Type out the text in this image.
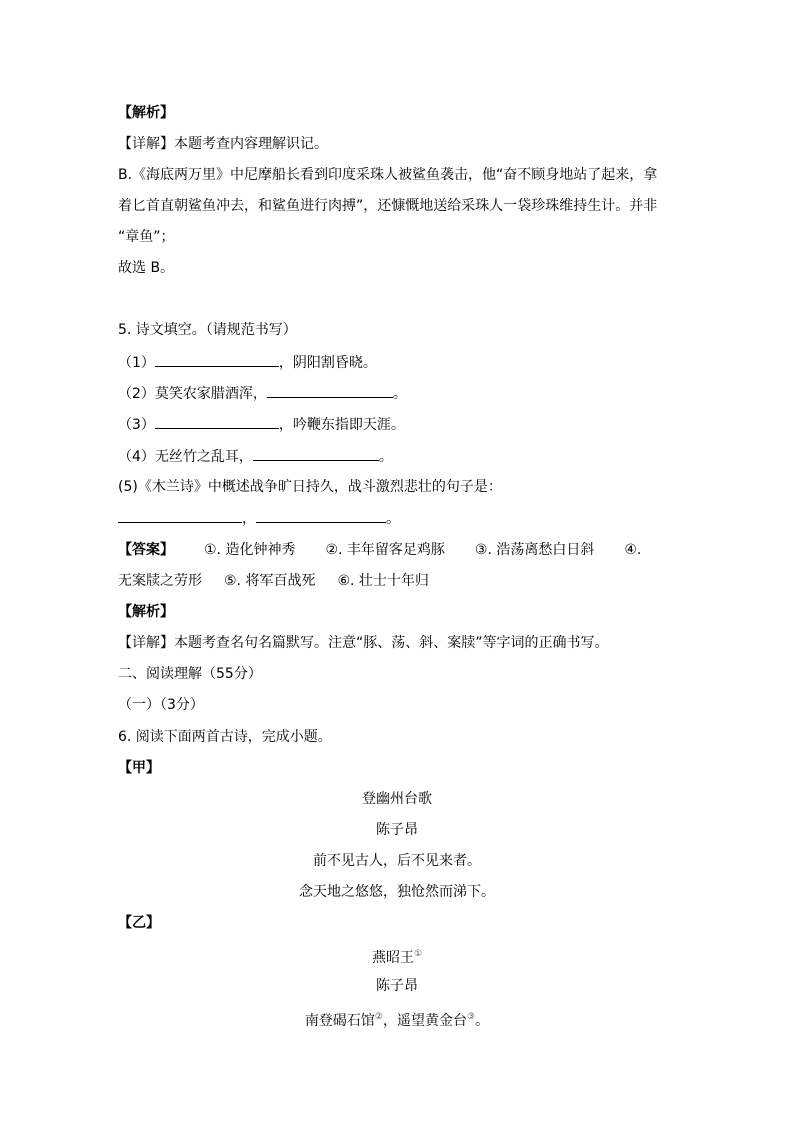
【解析】
【详解】本题考查内容理解识记。
B.《海底两万里》中尼摩船长看到印度采珠人被鲨鱼袭击，他“奋不顾身地站了起来，拿
着匕首直朝鲨鱼冲去，和鲨鱼进行肉搏”，还慷慨地送给采珠人一袋珍珠维持生计。并非
“章鱼”；
故选 B。
5. 诗文填空。（请规范书写）
（1）	，阴阳割昏晓。
（2）莫笑农家腊酒浑，	。
（3）	，吟鞭东指即天涯。
（4）无丝竹之乱耳，	。
(5)《木兰诗》中概述战争旷日持久，战斗激烈悲壮的句子是：
，	。
【答案】 ①. 造化钟神秀 ②. 丰年留客足鸡豚 ③. 浩荡离愁白日斜 ④.
无案牍之劳形 ⑤. 将军百战死 ⑥. 壮士十年归
【解析】
【详解】本题考查名句名篇默写。注意“豚、荡、斜、案牍”等字词的正确书写。
二、阅读理解（55分）
（一）（3分）
6. 阅读下面两首古诗，完成小题。
【甲】
登幽州台歌
陈子昂
前不见古人，后不见来者。
念天地之悠悠，独怆然而涕下。
【乙】
燕昭王①
陈子昂
南登碣石馆②，遥望黄金台③。
